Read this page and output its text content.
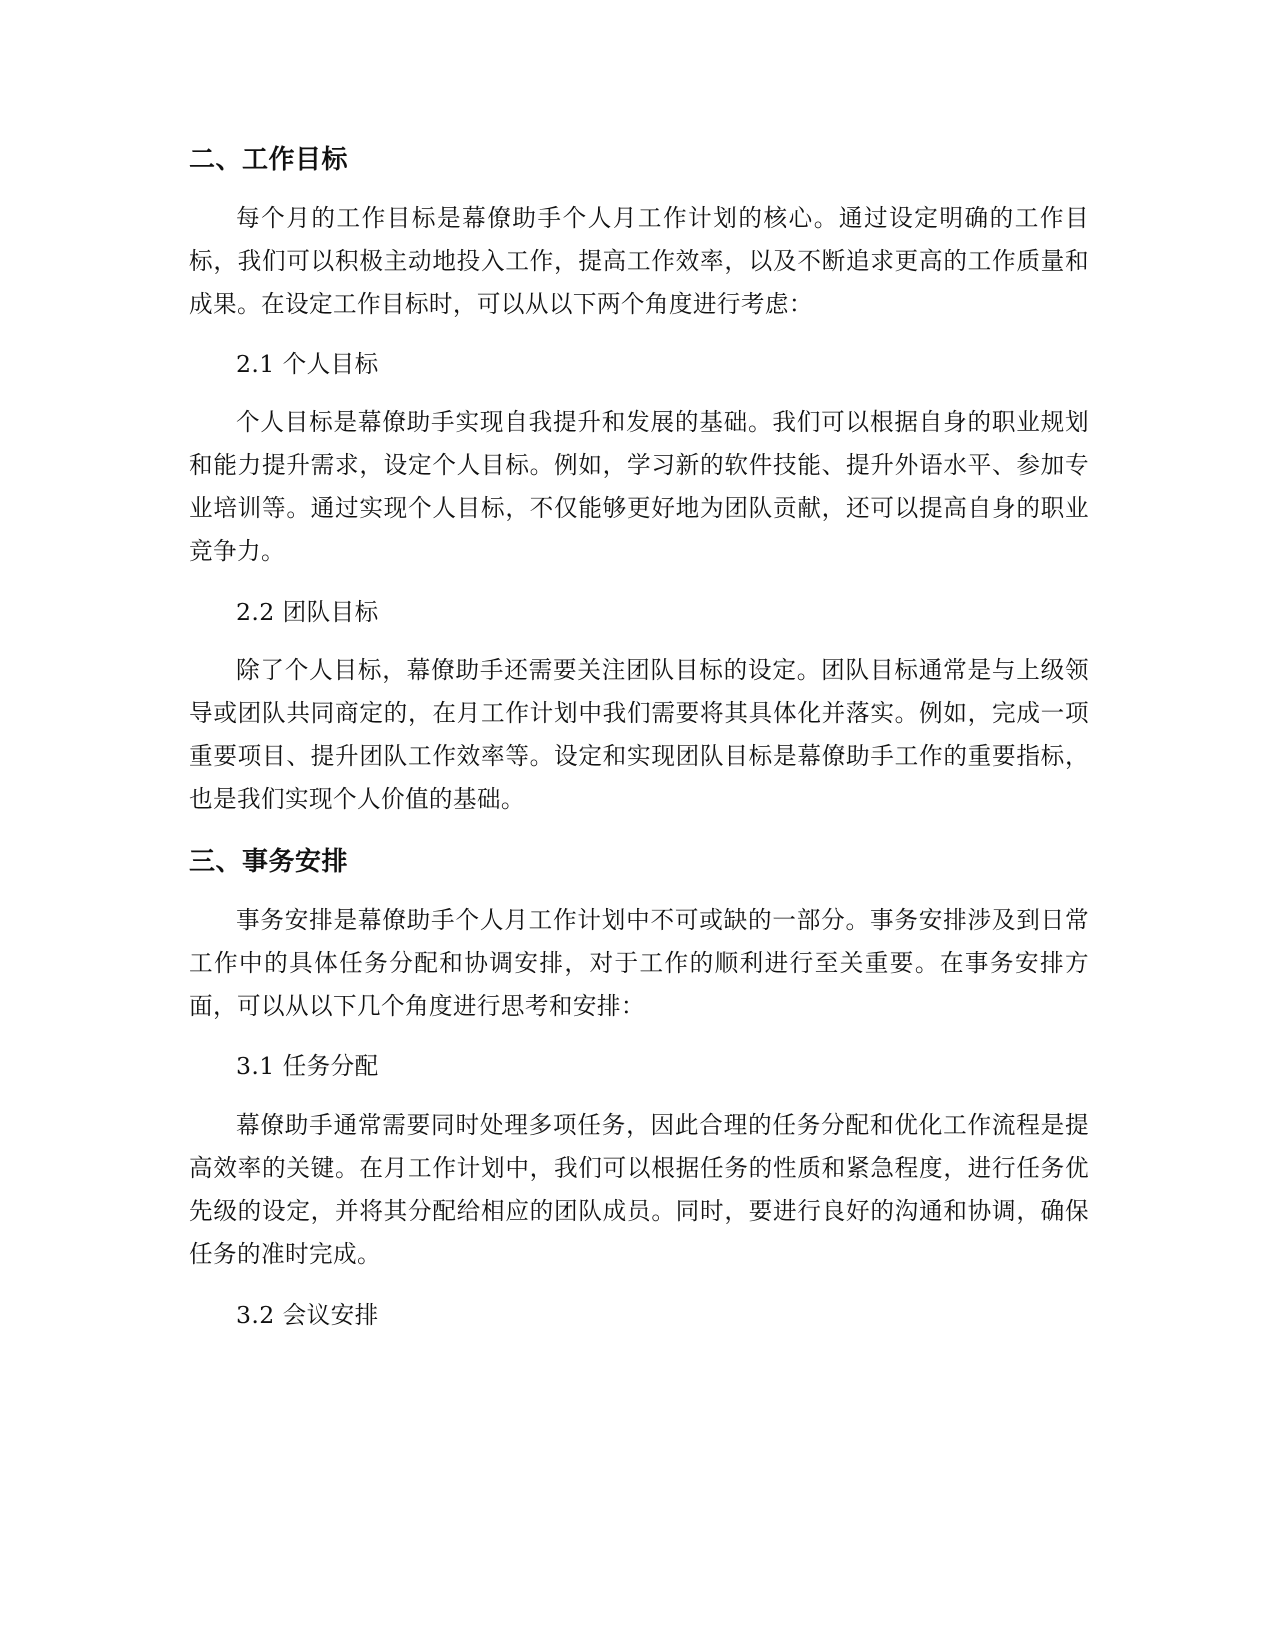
二、工作目标

每个月的工作目标是幕僚助手个人月工作计划的核心。通过设定明确的工作目标，我们可以积极主动地投入工作，提高工作效率，以及不断追求更高的工作质量和成果。在设定工作目标时，可以从以下两个角度进行考虑：

2.1 个人目标

个人目标是幕僚助手实现自我提升和发展的基础。我们可以根据自身的职业规划和能力提升需求，设定个人目标。例如，学习新的软件技能、提升外语水平、参加专业培训等。通过实现个人目标，不仅能够更好地为团队贡献，还可以提高自身的职业竞争力。

2.2 团队目标

除了个人目标，幕僚助手还需要关注团队目标的设定。团队目标通常是与上级领导或团队共同商定的，在月工作计划中我们需要将其具体化并落实。例如，完成一项重要项目、提升团队工作效率等。设定和实现团队目标是幕僚助手工作的重要指标，也是我们实现个人价值的基础。

三、事务安排

事务安排是幕僚助手个人月工作计划中不可或缺的一部分。事务安排涉及到日常工作中的具体任务分配和协调安排，对于工作的顺利进行至关重要。在事务安排方面，可以从以下几个角度进行思考和安排：

3.1 任务分配

幕僚助手通常需要同时处理多项任务，因此合理的任务分配和优化工作流程是提高效率的关键。在月工作计划中，我们可以根据任务的性质和紧急程度，进行任务优先级的设定，并将其分配给相应的团队成员。同时，要进行良好的沟通和协调，确保任务的准时完成。

3.2 会议安排
